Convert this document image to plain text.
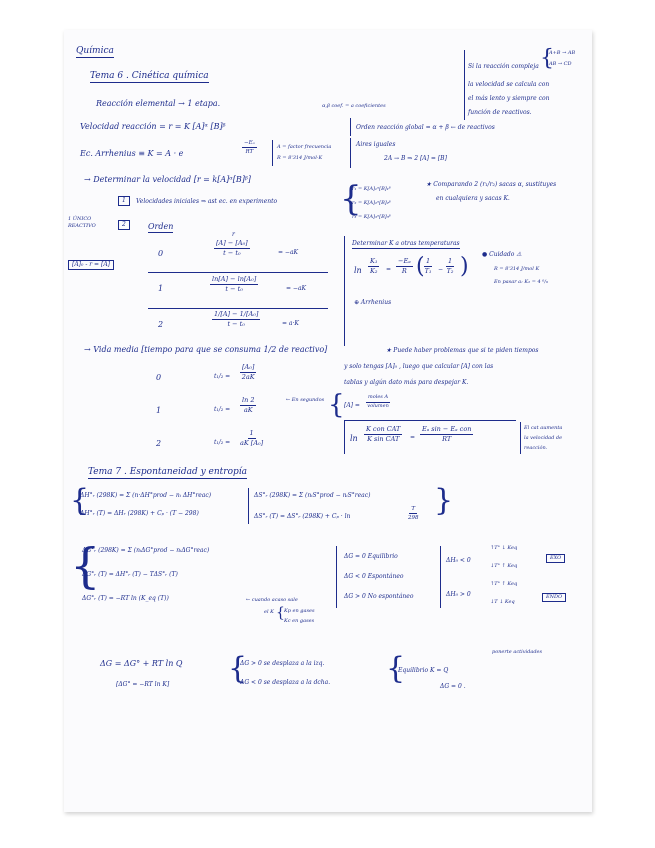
Química
Tema 6 . Cinética química
Si la reacción compleja {
A+B → AB
AB → CD
la velocidad se calcula con
el más lento y siempre con
función de reactivos.
Reacción elemental → 1 etapa.	α,β coef. = a coeficientes
Velocidad reacción = r = K [A]ᵅ [B]ᵝ	Orden reacción global = α + β ← de reactivos
Ec. Arrhenius ≡ K = A · e	$\frac{\text{−Eₐ}}{RT}$	A = factor frecuencia
R = 8'314 J/mol·K
Aires iguales
2A → B ⇒ 2 [A] = [B]
→ Determinar la velocidad [r = k[A]ᵅ[B]ᵝ]
1	Velocidades iniciales ⇒ ast ec. en experimento {
r₁ = K[A]₁ᵅ[B]₁ᵝ
r₂ = K[A]₂ᵅ[B]₂ᵝ
r₃ = K[A]₃ᵅ[B]₃ᵝ
★ Comparando 2 (r₁/r₂) sacas α, sustituyes
en cualquiera y sacas K.
1 ÚNICO REACTIVO	2	Orden
r
[A]₀ - r = [A]
0	$\frac{\text{[A] − [A₀]}}{\text{t − t₀}}$	= −aK
1	$\frac{\text{ln[A] − ln[A₀]}}{\text{t − t₀}}$	= −aK
2	$\frac{\text{1/[A] − 1/[A₀]}}{\text{t − t₀}}$	= a·K
Determinar K a otras temperaturas
$\ln \frac{\text{K₁}}{\text{K₂}} = \frac{\text{−Eₐ}}{R}$ ( $\frac{1}{\text{T₁}} - \frac{1}{\text{T₂}}$ ) ● Cuidado ⚠
R = 8'314 J/mol K
En pasar a: K₂ = 4 ⁰/₉
⊕ Arrhenius
→ Vida media [tiempo para que se consuma 1/2 de reactivo]
0	$t_1/_2 = \frac{\text{[A₀]}}{2aK}$
1	$t_1/_2 = \frac{\ln 2}{aK}$	← En segundos
2	$t_1/_2 = \frac{1}{\text{aK [A₀]}}$
★ Puede haber problemas que si te piden tiempos
y solo tengas [A]₀ , luego que calcular [A] con las
tablas y algún dato más para despejar K.
{ [A] =
moles A
volumen
ln
K con CAT
K sin CAT =
Eₐ sin − Eₐ con
RT
El cat aumenta
la velocidad de
reacción.
Tema 7 . Espontaneidad y entropía
{
ΔH°ᵣ (298K) = Σ (n·ΔH°prod − nᵢ ΔH°reac)
ΔH°ᵣ (T) = ΔHᵣ (298K) + Cₚ · (T − 298)
ΔS°ᵣ (298K) = Σ (nᵢS°prod − nᵢS°reac)
ΔS°ᵣ (T) = ΔS°ᵣ (298K) + Cₚ · ln	$\frac{T}{298}$ }
{
ΔG°ᵣ (298K) = Σ (nᵢΔG°prod − nᵢΔG°reac)
ΔG°ᵣ (T) = ΔH°ᵣ (T) − TΔS°ᵣ (T)
ΔG°ᵣ (T) = −RT ln (K_eq (T))	← cuando acaso sale
el K { Kp en gases
Kc en gases
ΔG = 0 Equilibrio
ΔG < 0 Espontáneo
ΔG > 0 No espontáneo
ΔH₀ < 0
↑T° ↓ Keq
↓T° ↑ Keq
EXO
ΔH₀ > 0
↑T° ↑ Keq
↓T ↓ Keq
ENDO
ΔG = ΔG° + RT ln Q
[ΔG° = −RT ln K] {
ΔG > 0 se desplaza a la izq.
ΔG < 0 se desplaza a la dcha. {
Equilibrio K = Q
ΔG = 0 .
ponerte actividades
